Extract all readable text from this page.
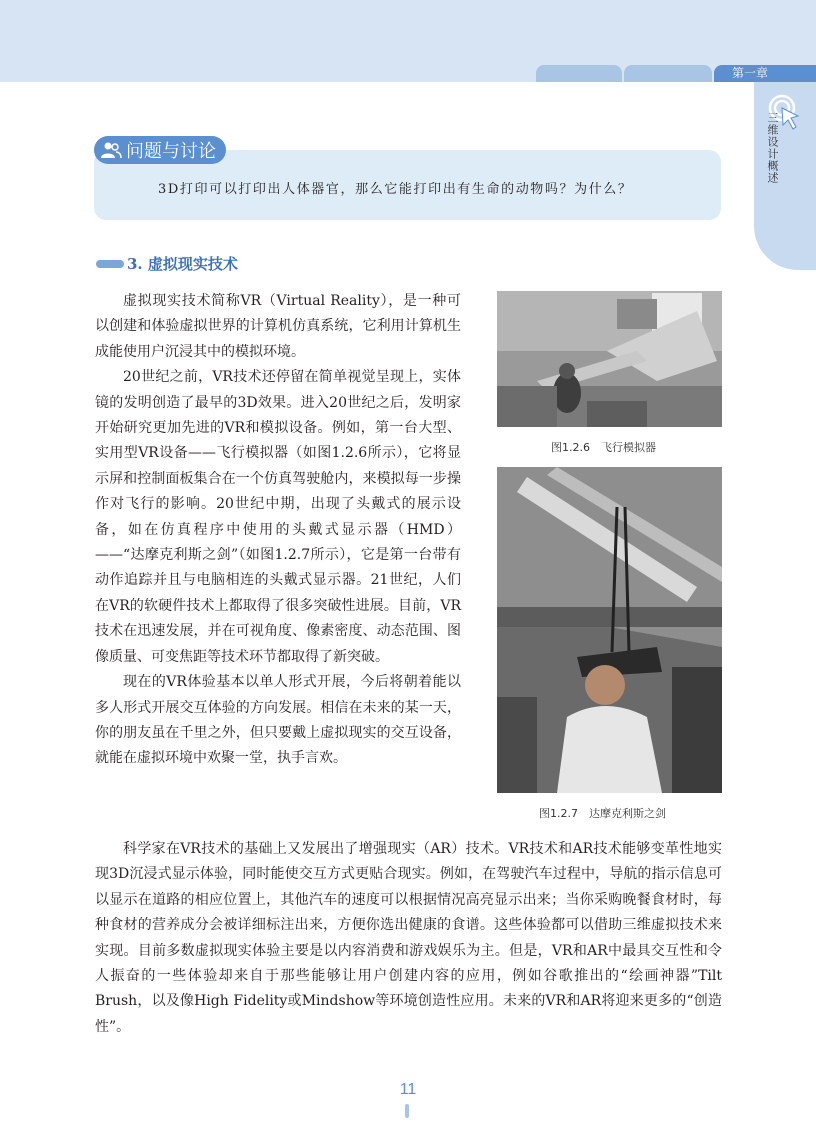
第一章
三维设计概述
问题与讨论
3D打印可以打印出人体器官，那么它能打印出有生命的动物吗？为什么？
3. 虚拟现实技术

虚拟现实技术简称VR（Virtual Reality），是一种可以创建和体验虚拟世界的计算机仿真系统，它利用计算机生成能使用户沉浸其中的模拟环境。

20世纪之前，VR技术还停留在简单视觉呈现上，实体镜的发明创造了最早的3D效果。进入20世纪之后，发明家开始研究更加先进的VR和模拟设备。例如，第一台大型、实用型VR设备——飞行模拟器（如图1.2.6所示），它将显示屏和控制面板集合在一个仿真驾驶舱内，来模拟每一步操作对飞行的影响。20世纪中期，出现了头戴式的展示设备，如在仿真程序中使用的头戴式显示器（HMD）——“达摩克利斯之剑”（如图1.2.7所示），它是第一台带有动作追踪并且与电脑相连的头戴式显示器。21世纪，人们在VR的软硬件技术上都取得了很多突破性进展。目前，VR技术在迅速发展，并在可视角度、像素密度、动态范围、图像质量、可变焦距等技术环节都取得了新突破。

现在的VR体验基本以单人形式开展，今后将朝着能以多人形式开展交互体验的方向发展。相信在未来的某一天，你的朋友虽在千里之外，但只要戴上虚拟现实的交互设备，就能在虚拟环境中欢聚一堂，执手言欢。

图1.2.6　飞行模拟器
图1.2.7　达摩克利斯之剑

科学家在VR技术的基础上又发展出了增强现实（AR）技术。VR技术和AR技术能够变革性地实现3D沉浸式显示体验，同时能使交互方式更贴合现实。例如，在驾驶汽车过程中，导航的指示信息可以显示在道路的相应位置上，其他汽车的速度可以根据情况高亮显示出来；当你采购晚餐食材时，每种食材的营养成分会被详细标注出来，方便你选出健康的食谱。这些体验都可以借助三维虚拟技术来实现。目前多数虚拟现实体验主要是以内容消费和游戏娱乐为主。但是，VR和AR中最具交互性和令人振奋的一些体验却来自于那些能够让用户创建内容的应用，例如谷歌推出的“绘画神器”Tilt Brush，以及像High Fidelity或Mindshow等环境创造性应用。未来的VR和AR将迎来更多的“创造性”。

11
